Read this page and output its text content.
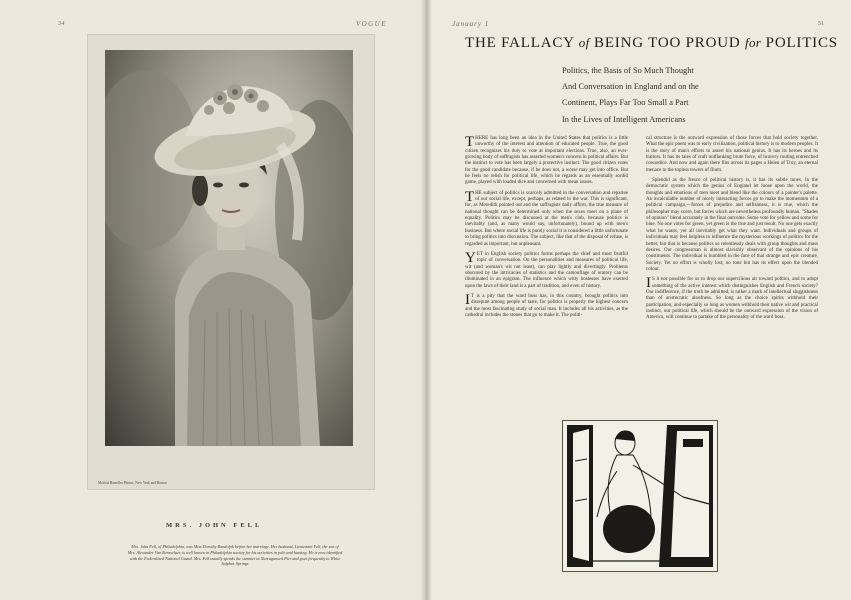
34	VOGUE	January 1	51
Moffett Hasteller Photos, New York and Boston
MRS. JOHN FELL
Mrs. John Fell, of Philadelphia, was Miss Dorothy Randolph before her marriage. Her husband, Lieutenant Fell, the son of Mrs. Alexander Van Rensselaer, is well known in Philadelphia society for his activities in polo and hunting. He is now identified with the Federalized National Guard. Mrs. Fell usually spends the summer at Narragansett Pier and goes frequently to White Sulphur Springs
THE FALLACY of BEING TOO PROUD for POLITICS
Politics, the Basis of So Much Thought
And Conversation in England and on the
Continent, Plays Far Too Small a Part
In the Lives of Intelligent Americans

THERE has long been an idea in the United States that politics is a little unworthy of the interest and attention of educated people. True, the good citizen recognizes his duty to vote at important elections. True, also, an ever-growing body of suffragists has asserted women's concern in political affairs. But the instinct to vote has been largely a protective instinct. The good citizen votes for the good candidate because, if he does not, a worse may get into office. But he feels no relish for political life, which he regards as an essentially sordid game, played with loaded dice and concerned with mean issues.

THE subject of politics is scarcely admitted in the conversation and repartee of our social life, except, perhaps, as related to the war. This is significant, for, as Meredith pointed out and the suffragists daily affirm, the true measure of national thought can be determined only when the sexes meet on a plane of equality. Politics may be discussed at the men's club, because politics is inevitably (and, as many would say, unfortunately), bound up with men's business. But where social life is purely social it is considered a little unfortunate to bring politics into discussion. The subject, like that of the disposal of refuse, is regarded as important, but unpleasant.

YET in English society politics forms perhaps the chief and most fruitful topic of conversation. On the personalities and measures of political life, wit (and woman's wit not least), can play lightly and divertingly. Problems obscured by the intricacies of statistics and the camouflage of oratory can be illuminated in an epigram. The influence which witty hostesses have exerted upon the laws of their land is a part of tradition, and even of history.

I T is a pity that the ward boss has, in this country, brought politics into disrepute among people of taste, for politics is properly the highest concern and the most fascinating study of social man. It includes all his activities, as the cathedral includes the stones that go to make it. The politi-

cal structure is the outward expression of those forces that hold society together. What the epic poem was to early civilization, political history is to modern peoples. It is the story of man's efforts to assert his national genius. It has its heroes and its traitors. It has its tales of craft outflanking brute force, of bravery routing entrenched cowardice. And now and again there flits across its pages a Helen of Troy, an eternal menace to the topless towers of Ilium.

Splendid as the fresco of political history is, it has its subtle tones. In the democratic system which the genius of England let loose upon the world, the thoughts and emotions of men meet and blend like the colours of a painter's palette. An incalculable number of nicely interacting forces go to make the momentum of a political campaign,—forces of prejudice and selfishness, it is true, which the philosopher may scorn, but forces which are nevertheless profoundly human. "Shades of opinion" blend accurately in the final outcome. Some vote for yellow and some for blue. No one votes for green, yet green is the true and just result. No one gets exactly what he wants, yet all inevitably get what they want. Individuals and groups of individuals may feel helpless to influence the mysterious workings of politics for the better, but that is because politics so relentlessly deals with group thoughts and mass desires. Our congressman is almost slavishly observant of the opinions of his constituents. The individual is humbled in the face of that strange and epic creature, Society. Yet no effort is wholly lost; no tone but has its effect upon the blended colour.

I S it not possible for us to drop our supercilious air toward politics, and to adopt something of the active interest which distinguishes English and French society? Our indifference, if the truth be admitted, is rather a mark of intellectual sluggishness than of aristocratic aloofness. So long as the choice spirits withhold their participation, and especially so long as women withhold their native wit and practical instinct, our political life, which should be the outward expression of the vision of America, will continue to partake of the personality of the ward boss.
